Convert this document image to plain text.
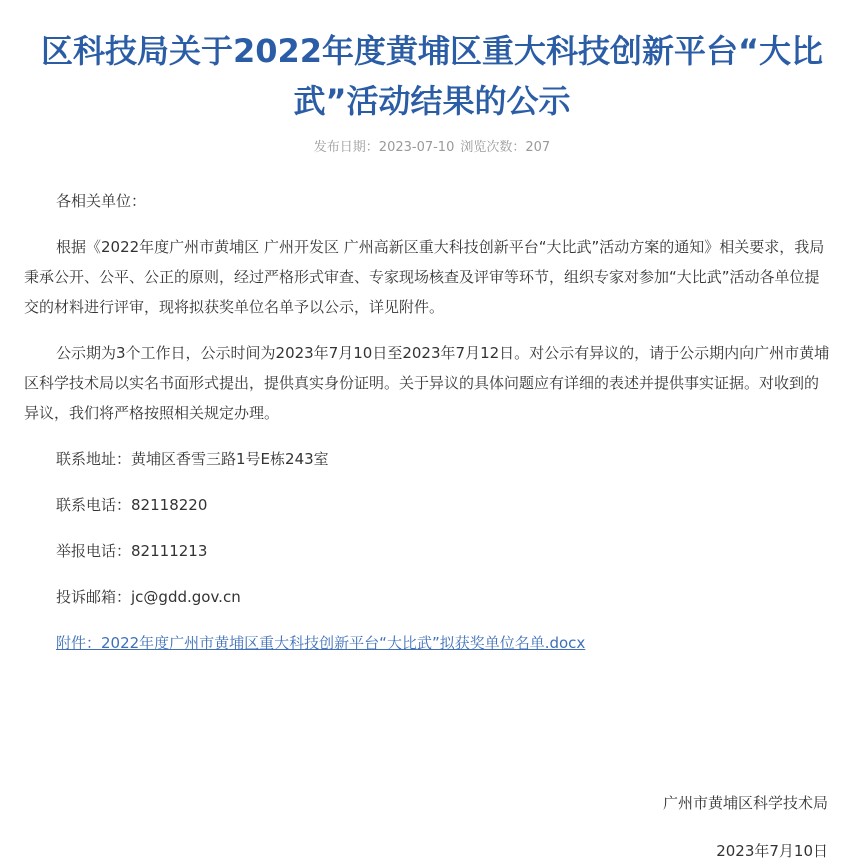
区科技局关于2022年度黄埔区重大科技创新平台“大比武”活动结果的公示
发布日期：2023-07-10 浏览次数：207

各相关单位：

根据《2022年度广州市黄埔区 广州开发区 广州高新区重大科技创新平台“大比武”活动方案的通知》相关要求，我局秉承公开、公平、公正的原则，经过严格形式审查、专家现场核查及评审等环节，组织专家对参加“大比武”活动各单位提交的材料进行评审，现将拟获奖单位名单予以公示，详见附件。

公示期为3个工作日，公示时间为2023年7月10日至2023年7月12日。对公示有异议的，请于公示期内向广州市黄埔区科学技术局以实名书面形式提出，提供真实身份证明。关于异议的具体问题应有详细的表述并提供事实证据。对收到的异议，我们将严格按照相关规定办理。

联系地址：黄埔区香雪三路1号E栋243室

联系电话：82118220

举报电话：82111213

投诉邮箱：jc@gdd.gov.cn

附件：2022年度广州市黄埔区重大科技创新平台“大比武”拟获奖单位名单.docx

广州市黄埔区科学技术局
2023年7月10日
